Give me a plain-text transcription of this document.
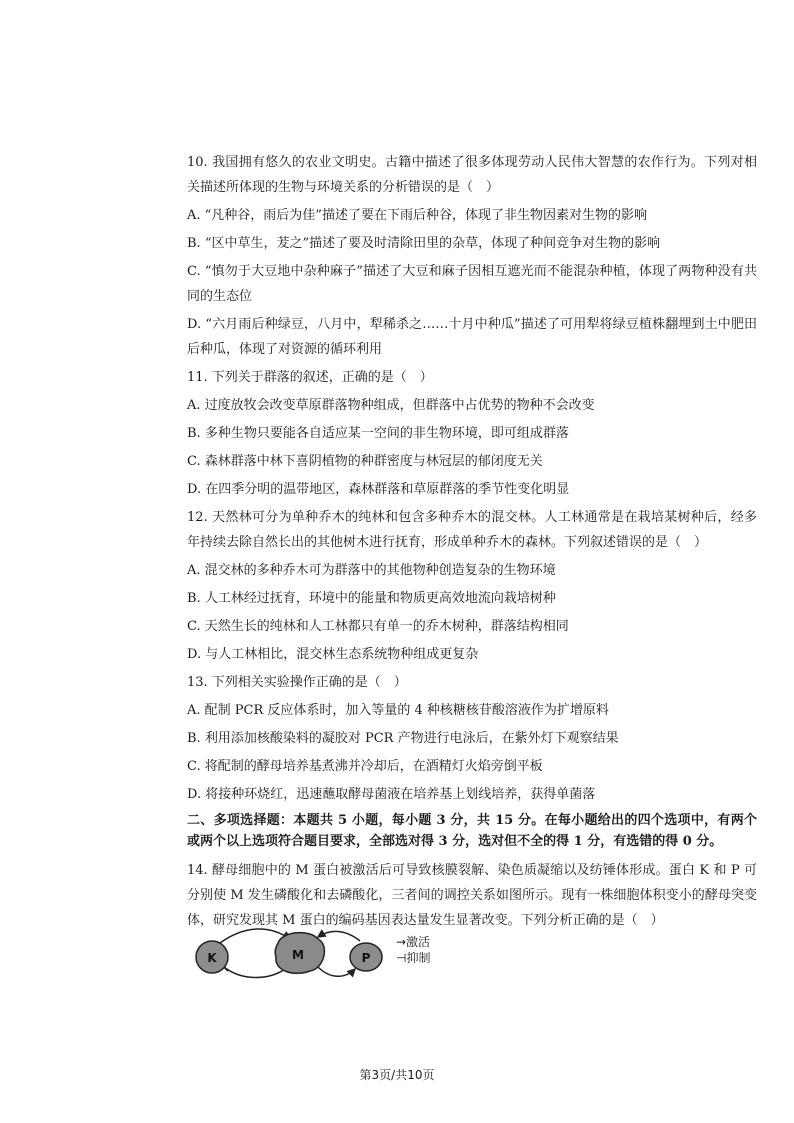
10. 我国拥有悠久的农业文明史。古籍中描述了很多体现劳动人民伟大智慧的农作行为。下列对相关描述所体现的生物与环境关系的分析错误的是（　）

A. “凡种谷，雨后为佳”描述了要在下雨后种谷，体现了非生物因素对生物的影响

B. “区中草生，茇之”描述了要及时清除田里的杂草，体现了种间竞争对生物的影响

C. “慎勿于大豆地中杂种麻子”描述了大豆和麻子因相互遮光而不能混杂种植，体现了两物种没有共同的生态位

D. “六月雨后种绿豆，八月中，犁稀杀之……十月中种瓜”描述了可用犁将绿豆植株翻埋到土中肥田后种瓜，体现了对资源的循环利用

11. 下列关于群落的叙述，正确的是（　）

A. 过度放牧会改变草原群落物种组成，但群落中占优势的物种不会改变

B. 多种生物只要能各自适应某一空间的非生物环境，即可组成群落

C. 森林群落中林下喜阴植物的种群密度与林冠层的郁闭度无关

D. 在四季分明的温带地区，森林群落和草原群落的季节性变化明显

12. 天然林可分为单种乔木的纯林和包含多种乔木的混交林。人工林通常是在栽培某树种后，经多年持续去除自然长出的其他树木进行抚育，形成单种乔木的森林。下列叙述错误的是（　）

A. 混交林的多种乔木可为群落中的其他物种创造复杂的生物环境

B. 人工林经过抚育，环境中的能量和物质更高效地流向栽培树种

C. 天然生长的纯林和人工林都只有单一的乔木树种，群落结构相同

D. 与人工林相比，混交林生态系统物种组成更复杂

13. 下列相关实验操作正确的是（　）

A. 配制 PCR 反应体系时，加入等量的 4 种核糖核苷酸溶液作为扩增原料

B. 利用添加核酸染料的凝胶对 PCR 产物进行电泳后，在紫外灯下观察结果

C. 将配制的酵母培养基煮沸并冷却后，在酒精灯火焰旁倒平板

D. 将接种环烧红，迅速蘸取酵母菌液在培养基上划线培养，获得单菌落

二、多项选择题：本题共 5 小题，每小题 3 分，共 15 分。在每小题给出的四个选项中，有两个或两个以上选项符合题目要求，全部选对得 3 分，选对但不全的得 1 分，有选错的得 0 分。

14. 酵母细胞中的 M 蛋白被激活后可导致核膜裂解、染色质凝缩以及纺锤体形成。蛋白 K 和 P 可分别使 M 发生磷酸化和去磷酸化，三者间的调控关系如图所示。现有一株细胞体积变小的酵母突变体，研究发现其 M 蛋白的编码基因表达量发生显著改变。下列分析正确的是（　）

K	M	P
→激活
⊣抑制
第3页/共10页
